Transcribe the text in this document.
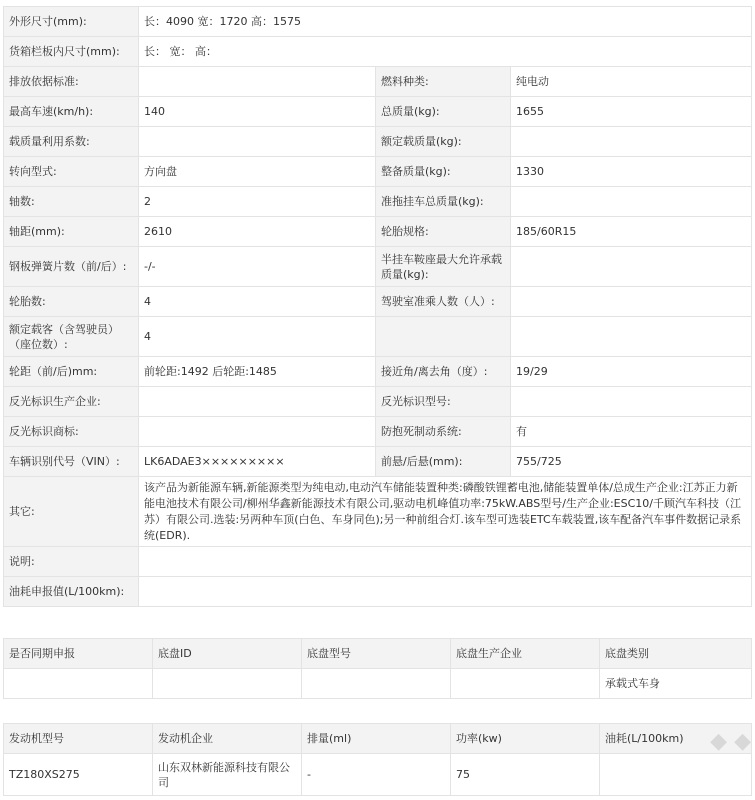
外形尺寸(mm):	长：4090 宽：1720 高：1575		
货箱栏板内尺寸(mm):	长： 宽： 高：		
排放依据标准:		燃料种类:	纯电动
最高车速(km/h):	140	总质量(kg):	1655
载质量利用系数:		额定载质量(kg):	
转向型式:	方向盘	整备质量(kg):	1330
轴数:	2	准拖挂车总质量(kg):	
轴距(mm):	2610	轮胎规格:	185/60R15
钢板弹簧片数（前/后）:	-/-	半挂车鞍座最大允许承载质量(kg):	
轮胎数:	4	驾驶室准乘人数（人）:	
额定载客（含驾驶员）（座位数）:	4		
轮距（前/后)mm:	前轮距:1492 后轮距:1485	接近角/离去角（度）:	19/29
反光标识生产企业:		反光标识型号:	
反光标识商标:		防抱死制动系统:	有
车辆识别代号（VIN）:	LK6ADAE3×××××××××	前悬/后悬(mm):	755/725
其它:	该产品为新能源车辆,新能源类型为纯电动,电动汽车储能装置种类:磷酸铁锂蓄电池,储能装置单体/总成生产企业:江苏正力新能电池技术有限公司/柳州华鑫新能源技术有限公司,驱动电机峰值功率:75kW.ABS型号/生产企业:ESC10/千顾汽车科技（江苏）有限公司.选装:另两种车顶(白色、车身同色);另一种前组合灯.该车型可选装ETC车载装置,该车配备汽车事件数据记录系统(EDR).		
说明:			
油耗申报值(L/100km):			
是否同期申报	底盘ID	底盘型号	底盘生产企业	底盘类别
				承载式车身
发动机型号	发动机企业	排量(ml)	功率(kw)	油耗(L/100km)
TZ180XS275	山东双林新能源科技有限公司	-	75	
◆ ◆
